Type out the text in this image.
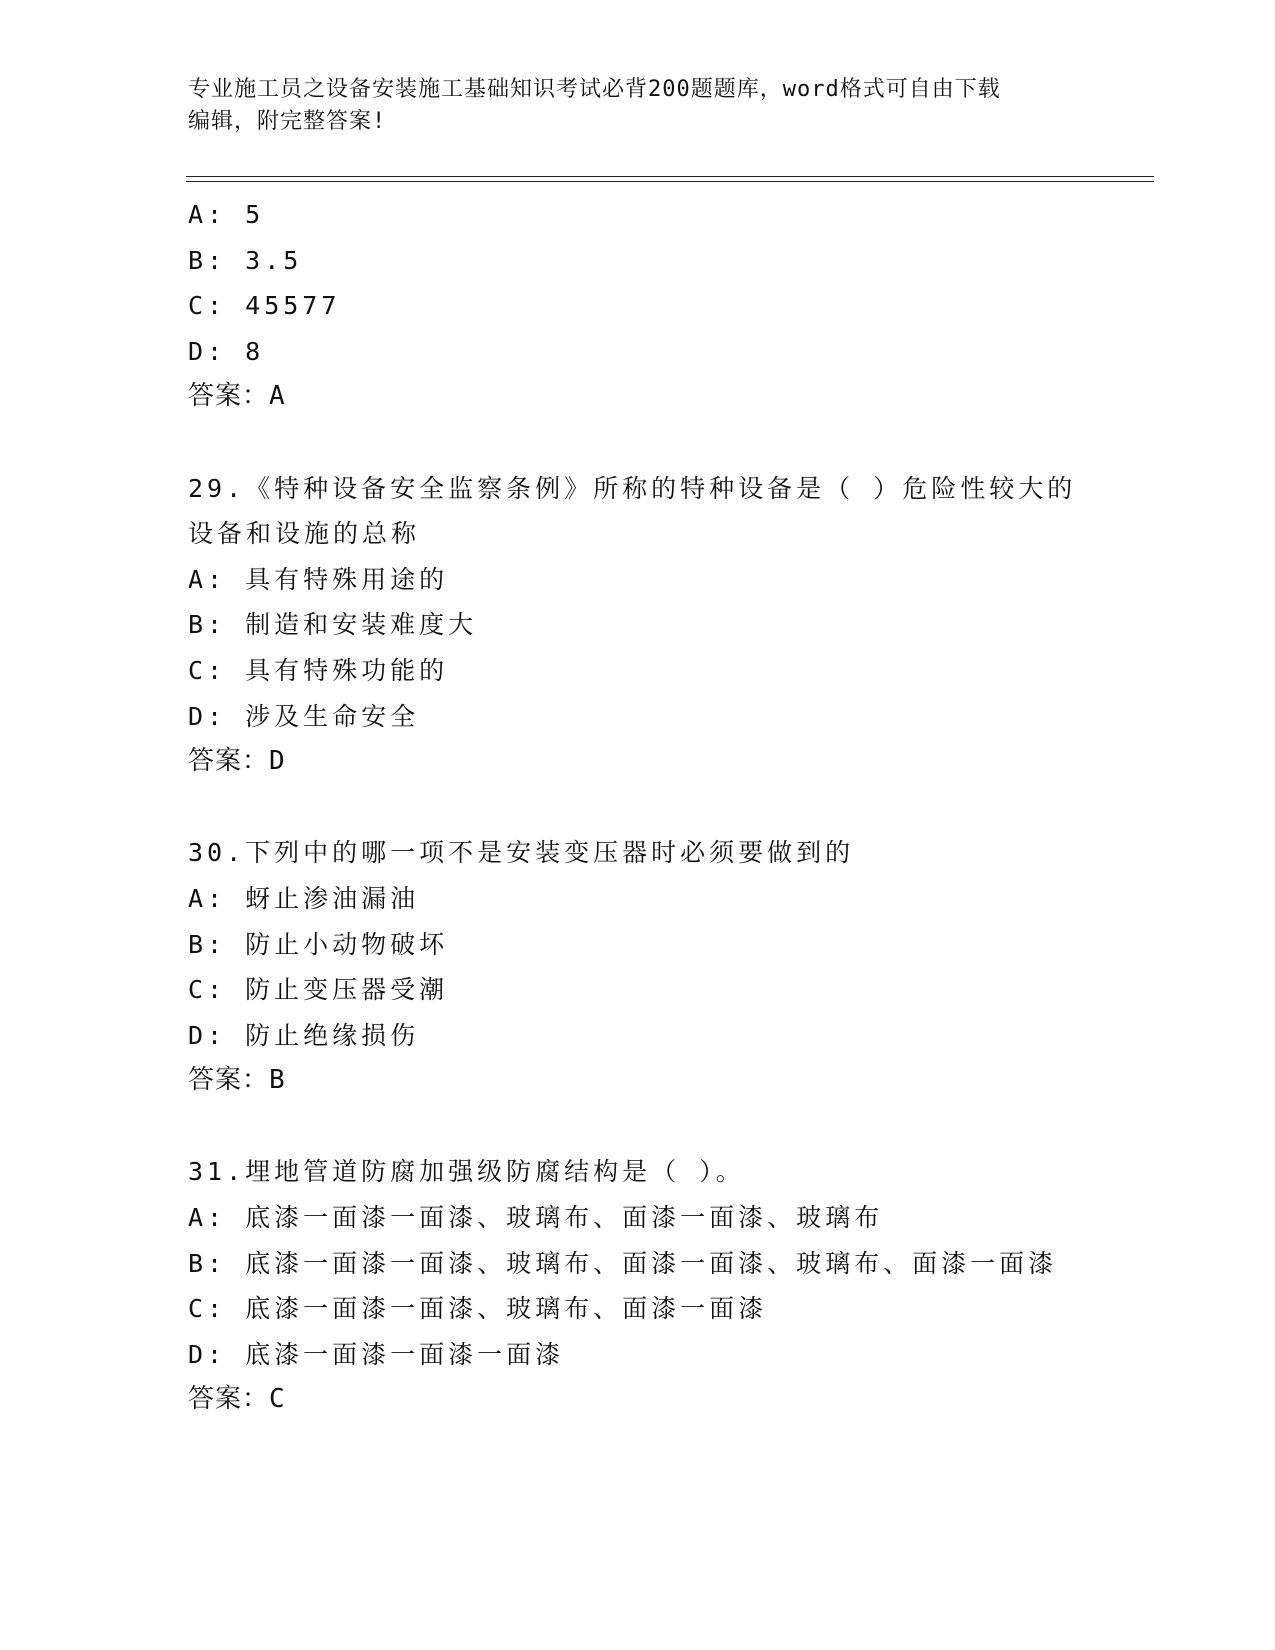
专业施工员之设备安装施工基础知识考试必背200题题库，word格式可自由下载
编辑，附完整答案!
A: 5
B: 3.5
C: 45577
D: 8
答案：A
29.《特种设备安全监察条例》所称的特种设备是（ ）危险性较大的
设备和设施的总称
A: 具有特殊用途的
B: 制造和安装难度大
C: 具有特殊功能的
D: 涉及生命安全
答案：D
30.下列中的哪一项不是安装变压器时必须要做到的
A: 蚜止渗油漏油
B: 防止小动物破坏
C: 防止变压器受潮
D: 防止绝缘损伤
答案：B
31.埋地管道防腐加强级防腐结构是（ ）。
A: 底漆一面漆一面漆、玻璃布、面漆一面漆、玻璃布
B: 底漆一面漆一面漆、玻璃布、面漆一面漆、玻璃布、面漆一面漆
C: 底漆一面漆一面漆、玻璃布、面漆一面漆
D: 底漆一面漆一面漆一面漆
答案：C
